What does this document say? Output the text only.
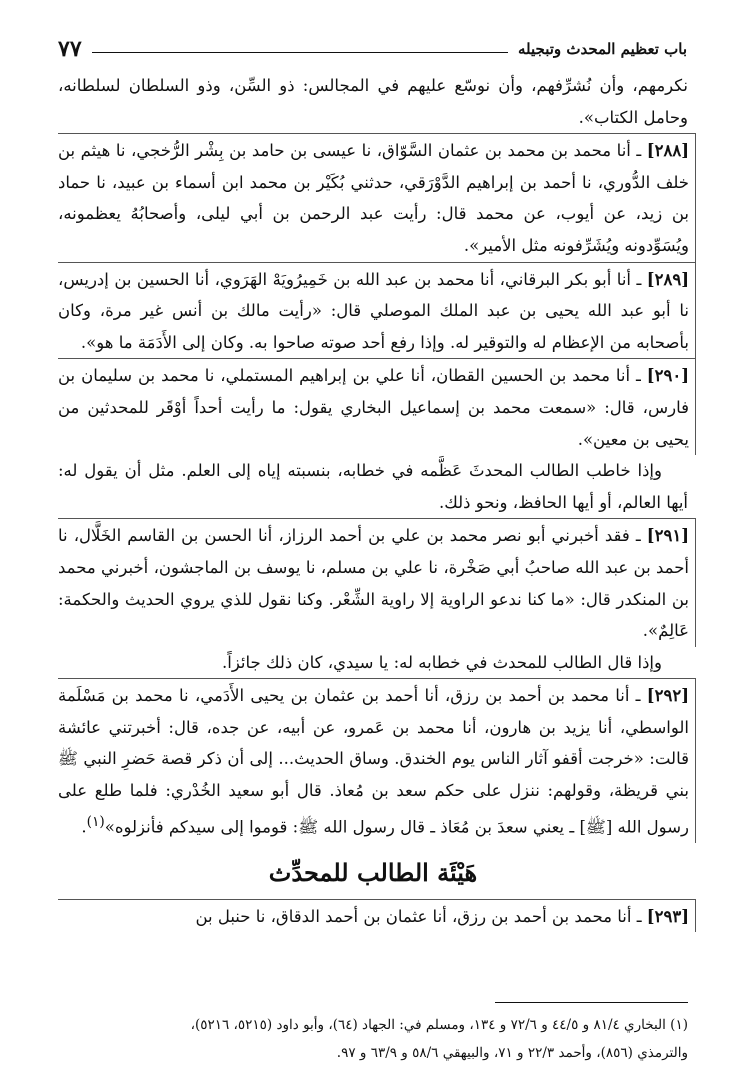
باب تعظيم المحدث وتبجيله
٧٧

نكرمهم، وأن نُشرِّفهم، وأن نوسّع عليهم في المجالس: ذو السِّن، وذو السلطان لسلطانه، وحامل الكتاب».

[٢٨٨] ـ أنا محمد بن محمد بن عثمان السَّوّاق، نا عيسى بن حامد بن بِشْر الرُّخجي، نا هيثم بن خلف الدُّوري، نا أحمد بن إبراهيم الدَّوْرَقي، حدثني بُكَيْر بن محمد ابن أسماء بن عبيد، نا حماد بن زيد، عن أيوب، عن محمد قال: رأيت عبد الرحمن بن أبي ليلى، وأصحابُهُ يعظمونه، ويُسَوِّدونه ويُشَرِّفونه مثل الأمير».

[٢٨٩] ـ أنا أبو بكر البرقاني، أنا محمد بن عبد الله بن خَمِيرُويَهْ الهَرَوي، أنا الحسين بن إدريس، نا أبو عبد الله يحيى بن عبد الملك الموصلي قال: «رأيت مالك بن أنس غير مرة، وكان بأصحابه من الإعظام له والتوقير له. وإذا رفع أحد صوته صاحوا به. وكان إلى الأَدَمَة ما هو».

[٢٩٠] ـ أنا محمد بن الحسين القطان، أنا علي بن إبراهيم المستملي، نا محمد بن سليمان بن فارس، قال: «سمعت محمد بن إسماعيل البخاري يقول: ما رأيت أحداً أوْقَر للمحدثين من يحيى بن معين».

وإذا خاطب الطالب المحدثَ عَظَّمه في خطابه، بنسبته إياه إلى العلم. مثل أن يقول له: أيها العالم، أو أيها الحافظ، ونحو ذلك.

[٢٩١] ـ فقد أخبرني أبو نصر محمد بن علي بن أحمد الرزاز، أنا الحسن بن القاسم الخَلَّال، نا أحمد بن عبد الله صاحبُ أبي صَخْرة، نا علي بن مسلم، نا يوسف بن الماجشون، أخبرني محمد بن المنكدر قال: «ما كنا ندعو الراوية إلا راوية الشِّعْر. وكنا نقول للذي يروي الحديث والحكمة: عَالِمٌ».

وإذا قال الطالب للمحدث في خطابه له: يا سيدي، كان ذلك جائزاً.

[٢٩٢] ـ أنا محمد بن أحمد بن رزق، أنا أحمد بن عثمان بن يحيى الأَدَمي، نا محمد بن مَسْلَمة الواسطي، أنا يزيد بن هارون، أنا محمد بن عَمرو، عن أبيه، عن جده، قال: أخبرتني عائشة قالت: «خرجت أقفو آثار الناس يوم الخندق. وساق الحديث... إلى أن ذكر قصة حَضرِ النبي ﷺ بني قريظة، وقولهم: ننزل على حكم سعد بن مُعاذ. قال أبو سعيد الخُدْري: فلما طلع على رسول الله [ﷺ] ـ يعني سعدَ بن مُعَاذ ـ قال رسول الله ﷺ: قوموا إلى سيدكم فأنزلوه»$^{(١)}$.

هَيْئَة الطالب للمحدِّث

[٢٩٣] ـ أنا محمد بن أحمد بن رزق، أنا عثمان بن أحمد الدقاق، نا حنبل بن

(١) البخاري ٨١/٤ و ٤٤/٥ و ٧٢/٦ و ١٣٤، ومسلم في: الجهاد (٦٤)، وأبو داود (٥٢١٥، ٥٢١٦)،

والترمذي (٨٥٦)، وأحمد ٢٢/٣ و ٧١، والبيهقي ٥٨/٦ و ٦٣/٩ و ٩٧.
